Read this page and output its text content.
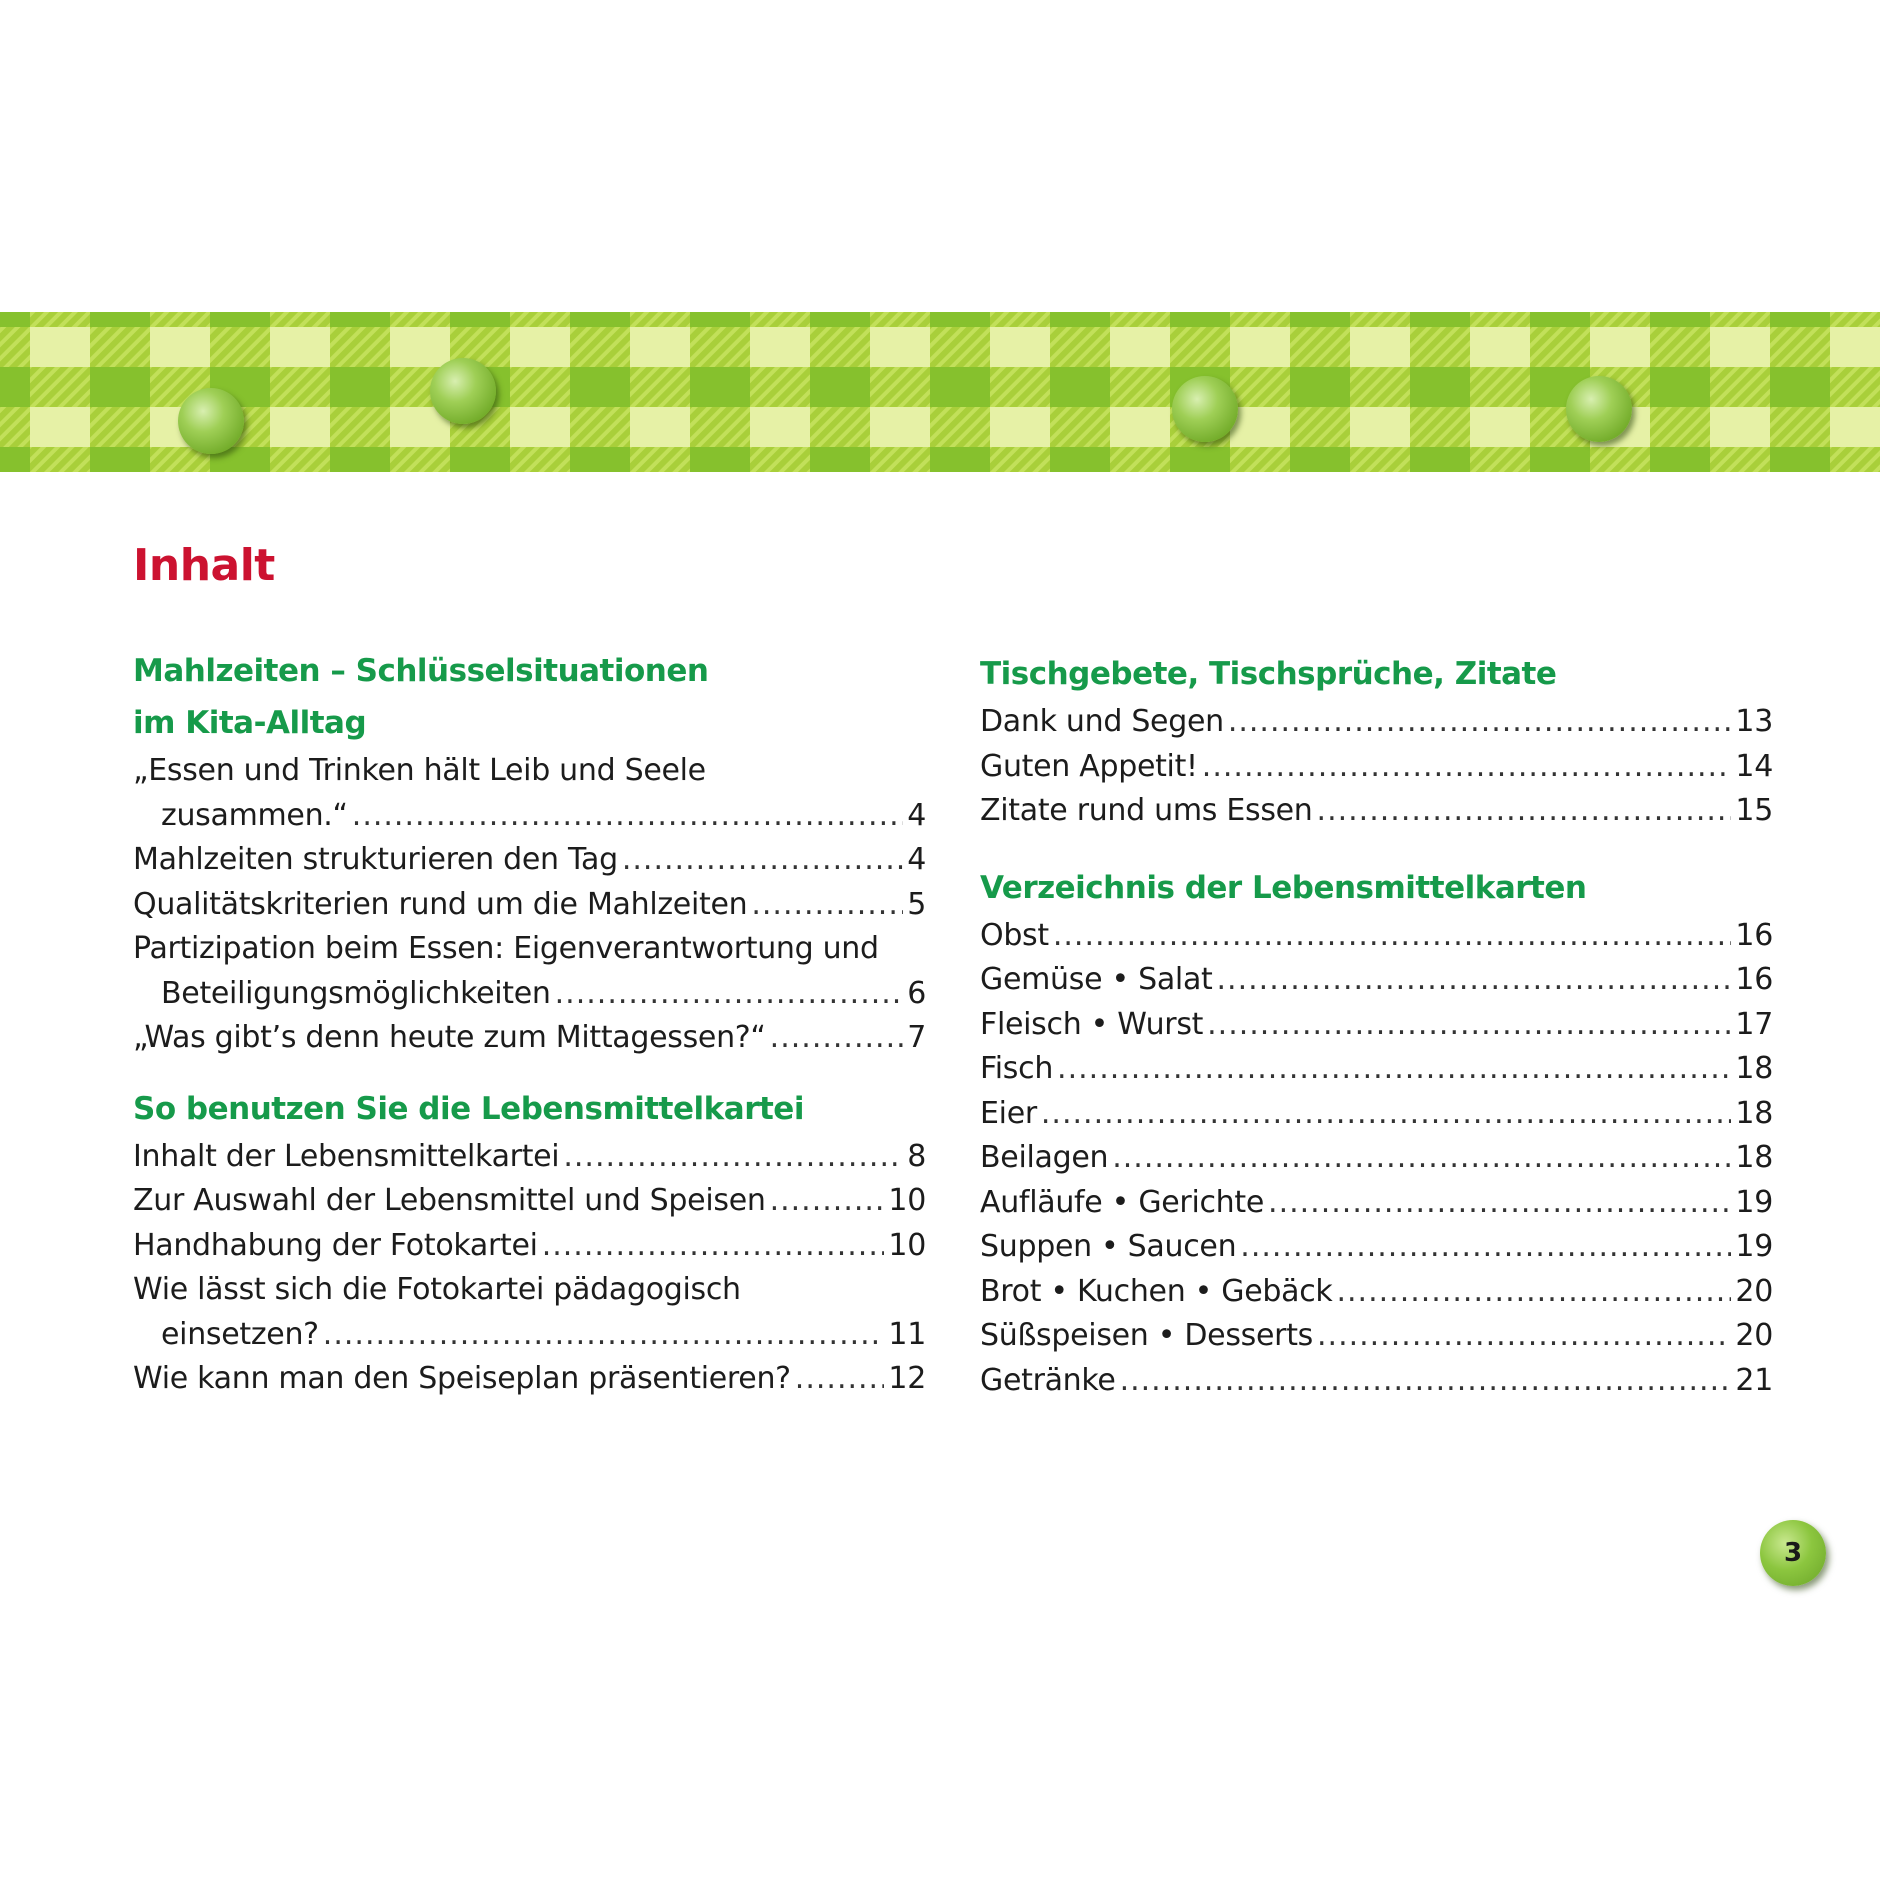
Inhalt
Mahlzeiten – Schlüsselsituationen
im Kita-Alltag
„Essen und Trinken hält Leib und Seele
zusammen.“ .....	4
Mahlzeiten strukturieren den Tag .....	4
Qualitätskriterien rund um die Mahlzeiten .....	5
Partizipation beim Essen: Eigenverantwortung und
Beteiligungsmöglichkeiten .....	6
„Was gibt’s denn heute zum Mittagessen?“ .....	7
So benutzen Sie die Lebensmittelkartei
Inhalt der Lebensmittelkartei .....	8
Zur Auswahl der Lebensmittel und Speisen .....	10
Handhabung der Fotokartei .....	10
Wie lässt sich die Fotokartei pädagogisch
einsetzen? .....	11
Wie kann man den Speiseplan präsentieren? .....	12
Tischgebete, Tischsprüche, Zitate
Dank und Segen .....	13
Guten Appetit! .....	14
Zitate rund ums Essen .....	15
Verzeichnis der Lebensmittelkarten
Obst .....	16
Gemüse • Salat .....	16
Fleisch • Wurst .....	17
Fisch .....	18
Eier .....	18
Beilagen .....	18
Aufläufe • Gerichte .....	19
Suppen • Saucen .....	19
Brot • Kuchen • Gebäck .....	20
Süßspeisen • Desserts .....	20
Getränke .....	21
3
